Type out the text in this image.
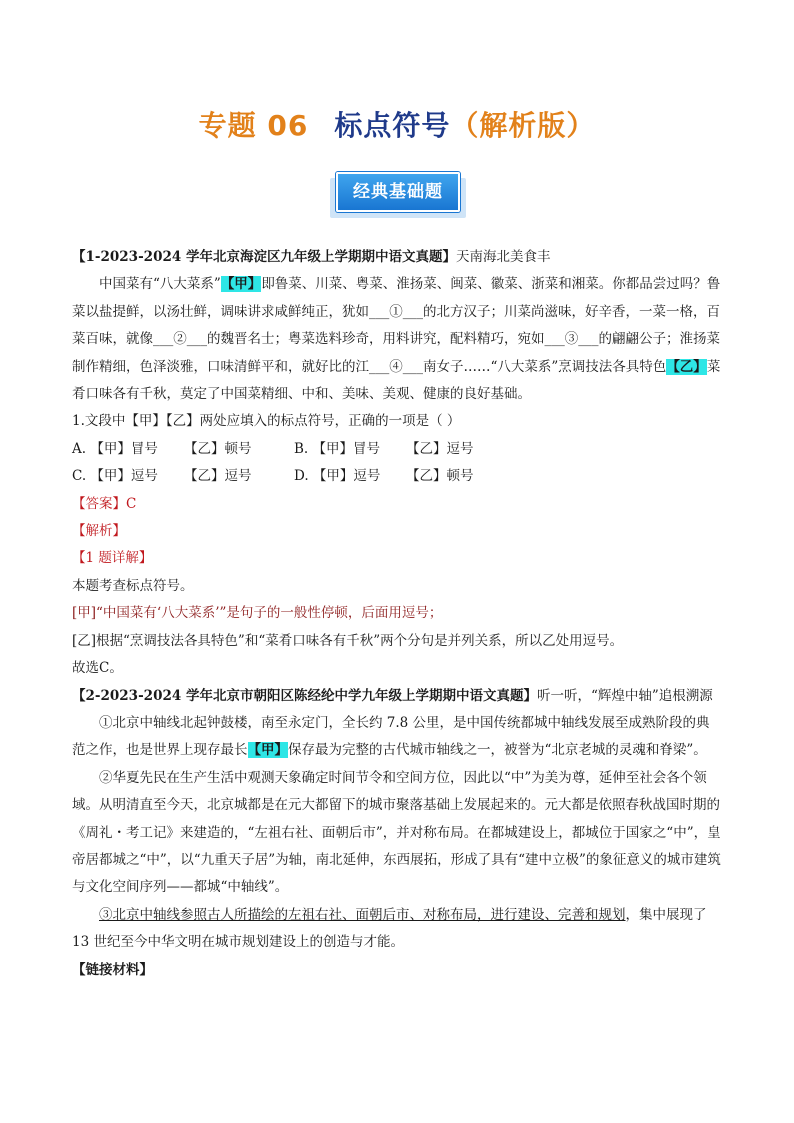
专题 06 标点符号（解析版）
经典基础题

【1-2023-2024 学年北京海淀区九年级上学期期中语文真题】天南海北美食丰

中国菜有“八大菜系”【甲】即鲁菜、川菜、粤菜、淮扬菜、闽菜、徽菜、浙菜和湘菜。你都品尝过吗？鲁菜以盐提鲜，以汤壮鲜，调味讲求咸鲜纯正，犹如___①___的北方汉子；川菜尚滋味，好辛香，一菜一格，百菜百味，就像___②___的魏晋名士；粤菜选料珍奇，用料讲究，配料精巧，宛如___③___的翩翩公子；淮扬菜制作精细，色泽淡雅，口味清鲜平和，就好比的江___④___南女子……“八大菜系”烹调技法各具特色【乙】菜肴口味各有千秋，莫定了中国菜精细、中和、美味、美观、健康的良好基础。

1.文段中【甲】【乙】两处应填入的标点符号，正确的一项是（ ）

A. 【甲】冒号	【乙】顿号	B. 【甲】冒号	【乙】逗号
C. 【甲】逗号	【乙】逗号	D. 【甲】逗号	【乙】顿号

【答案】C

【解析】

【1 题详解】

本题考查标点符号。

[甲]“中国菜有‘八大菜系’”是句子的一般性停顿，后面用逗号；

[乙]根据“烹调技法各具特色”和“菜肴口味各有千秋”两个分句是并列关系，所以乙处用逗号。

故选C。

【2-2023-2024 学年北京市朝阳区陈经纶中学九年级上学期期中语文真题】听一听，“辉煌中轴”追根溯源

①北京中轴线北起钟鼓楼，南至永定门，全长约 7.8 公里，是中国传统都城中轴线发展至成熟阶段的典范之作，也是世界上现存最长【甲】保存最为完整的古代城市轴线之一，被誉为“北京老城的灵魂和脊梁”。

②华夏先民在生产生活中观测天象确定时间节令和空间方位，因此以“中”为美为尊，延伸至社会各个领域。从明清直至今天，北京城都是在元大都留下的城市聚落基础上发展起来的。元大都是依照春秋战国时期的《周礼・考工记》来建造的，“左祖右社、面朝后市”，并对称布局。在都城建设上，都城位于国家之“中”，皇帝居都城之“中”，以“九重天子居”为轴，南北延伸，东西展拓，形成了具有“建中立极”的象征意义的城市建筑与文化空间序列——都城“中轴线”。

③北京中轴线参照古人所描绘的左祖右社、面朝后市、对称布局，进行建设、完善和规划，集中展现了 13 世纪至今中华文明在城市规划建设上的创造与才能。

【链接材料】
